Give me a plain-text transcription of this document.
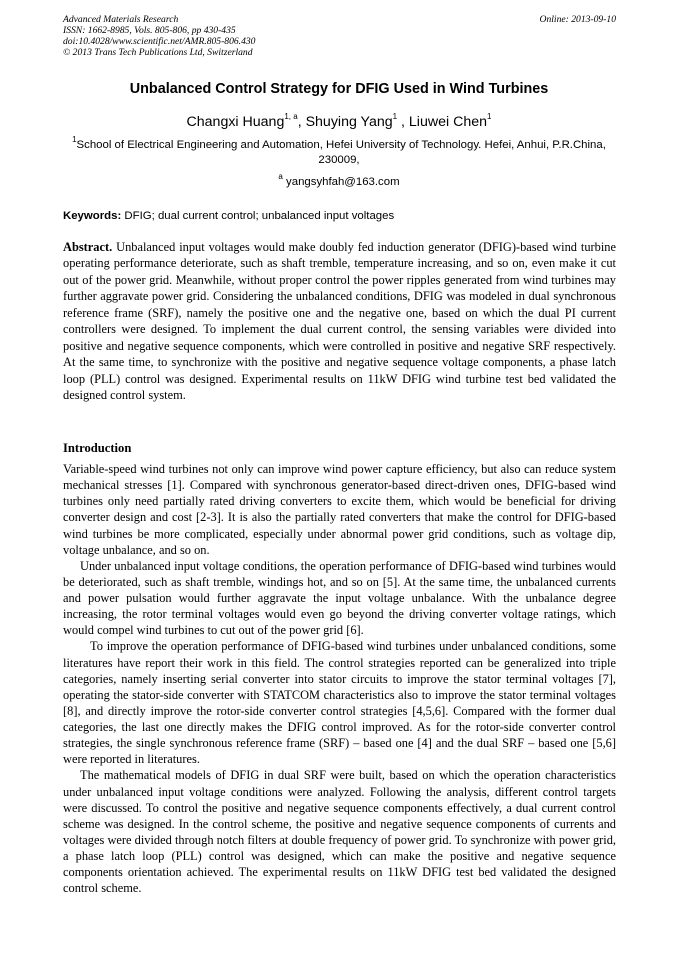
Advanced Materials Research
ISSN: 1662-8985, Vols. 805-806, pp 430-435
doi:10.4028/www.scientific.net/AMR.805-806.430
© 2013 Trans Tech Publications Ltd, Switzerland
Online: 2013-09-10
Unbalanced Control Strategy for DFIG Used in Wind Turbines
Changxi Huang$^{1, a}$, Shuying Yang$^1$ , Liuwei Chen$^1$
$^1$School of Electrical Engineering and Automation, Hefei University of Technology. Hefei, Anhui, P.R.China, 230009,
$^a$ yangsyhfah@163.com
Keywords: DFIG; dual current control; unbalanced input voltages
Abstract. Unbalanced input voltages would make doubly fed induction generator (DFIG)-based wind turbine operating performance deteriorate, such as shaft tremble, temperature increasing, and so on, even make it cut out of the power grid. Meanwhile, without proper control the power ripples generated from wind turbines may further aggravate power grid. Considering the unbalanced conditions, DFIG was modeled in dual synchronous reference frame (SRF), namely the positive one and the negative one, based on which the dual PI current controllers were designed. To implement the dual current control, the sensing variables were divided into positive and negative sequence components, which were controlled in positive and negative SRF respectively. At the same time, to synchronize with the positive and negative sequence voltage components, a phase latch loop (PLL) control was designed. Experimental results on 11kW DFIG wind turbine test bed validated the designed control system.
Introduction

Variable-speed wind turbines not only can improve wind power capture efficiency, but also can reduce system mechanical stresses [1]. Compared with synchronous generator-based direct-driven ones, DFIG-based wind turbines only need partially rated driving converters to excite them, which would be beneficial for driving converter design and cost [2-3]. It is also the partially rated converters that make the control for DFIG-based wind turbines be more complicated, especially under abnormal power grid conditions, such as voltage dip, voltage unbalance, and so on.

Under unbalanced input voltage conditions, the operation performance of DFIG-based wind turbines would be deteriorated, such as shaft tremble, windings hot, and so on [5]. At the same time, the unbalanced currents and power pulsation would further aggravate the input voltage unbalance. With the unbalance degree increasing, the rotor terminal voltages would even go beyond the driving converter voltage ratings, which would compel wind turbines to cut out of the power grid [6].

To improve the operation performance of DFIG-based wind turbines under unbalanced conditions, some literatures have report their work in this field. The control strategies reported can be generalized into triple categories, namely inserting serial converter into stator circuits to improve the stator terminal voltages [7], operating the stator-side converter with STATCOM characteristics also to improve the stator terminal voltages [8], and directly improve the rotor-side converter control strategies [4,5,6]. Compared with the former dual categories, the last one directly makes the DFIG control improved. As for the rotor-side converter control strategies, the single synchronous reference frame (SRF) – based one [4] and the dual SRF – based one [5,6] were reported in literatures.

The mathematical models of DFIG in dual SRF were built, based on which the operation characteristics under unbalanced input voltage conditions were analyzed. Following the analysis, different control targets were discussed. To control the positive and negative sequence components effectively, a dual current control scheme was designed. In the control scheme, the positive and negative sequence components of currents and voltages were divided through notch filters at double frequency of power grid. To synchronize with power grid, a phase latch loop (PLL) control was designed, which can make the positive and negative sequence components orientation achieved. The experimental results on 11kW DFIG test bed validated the designed control scheme.
